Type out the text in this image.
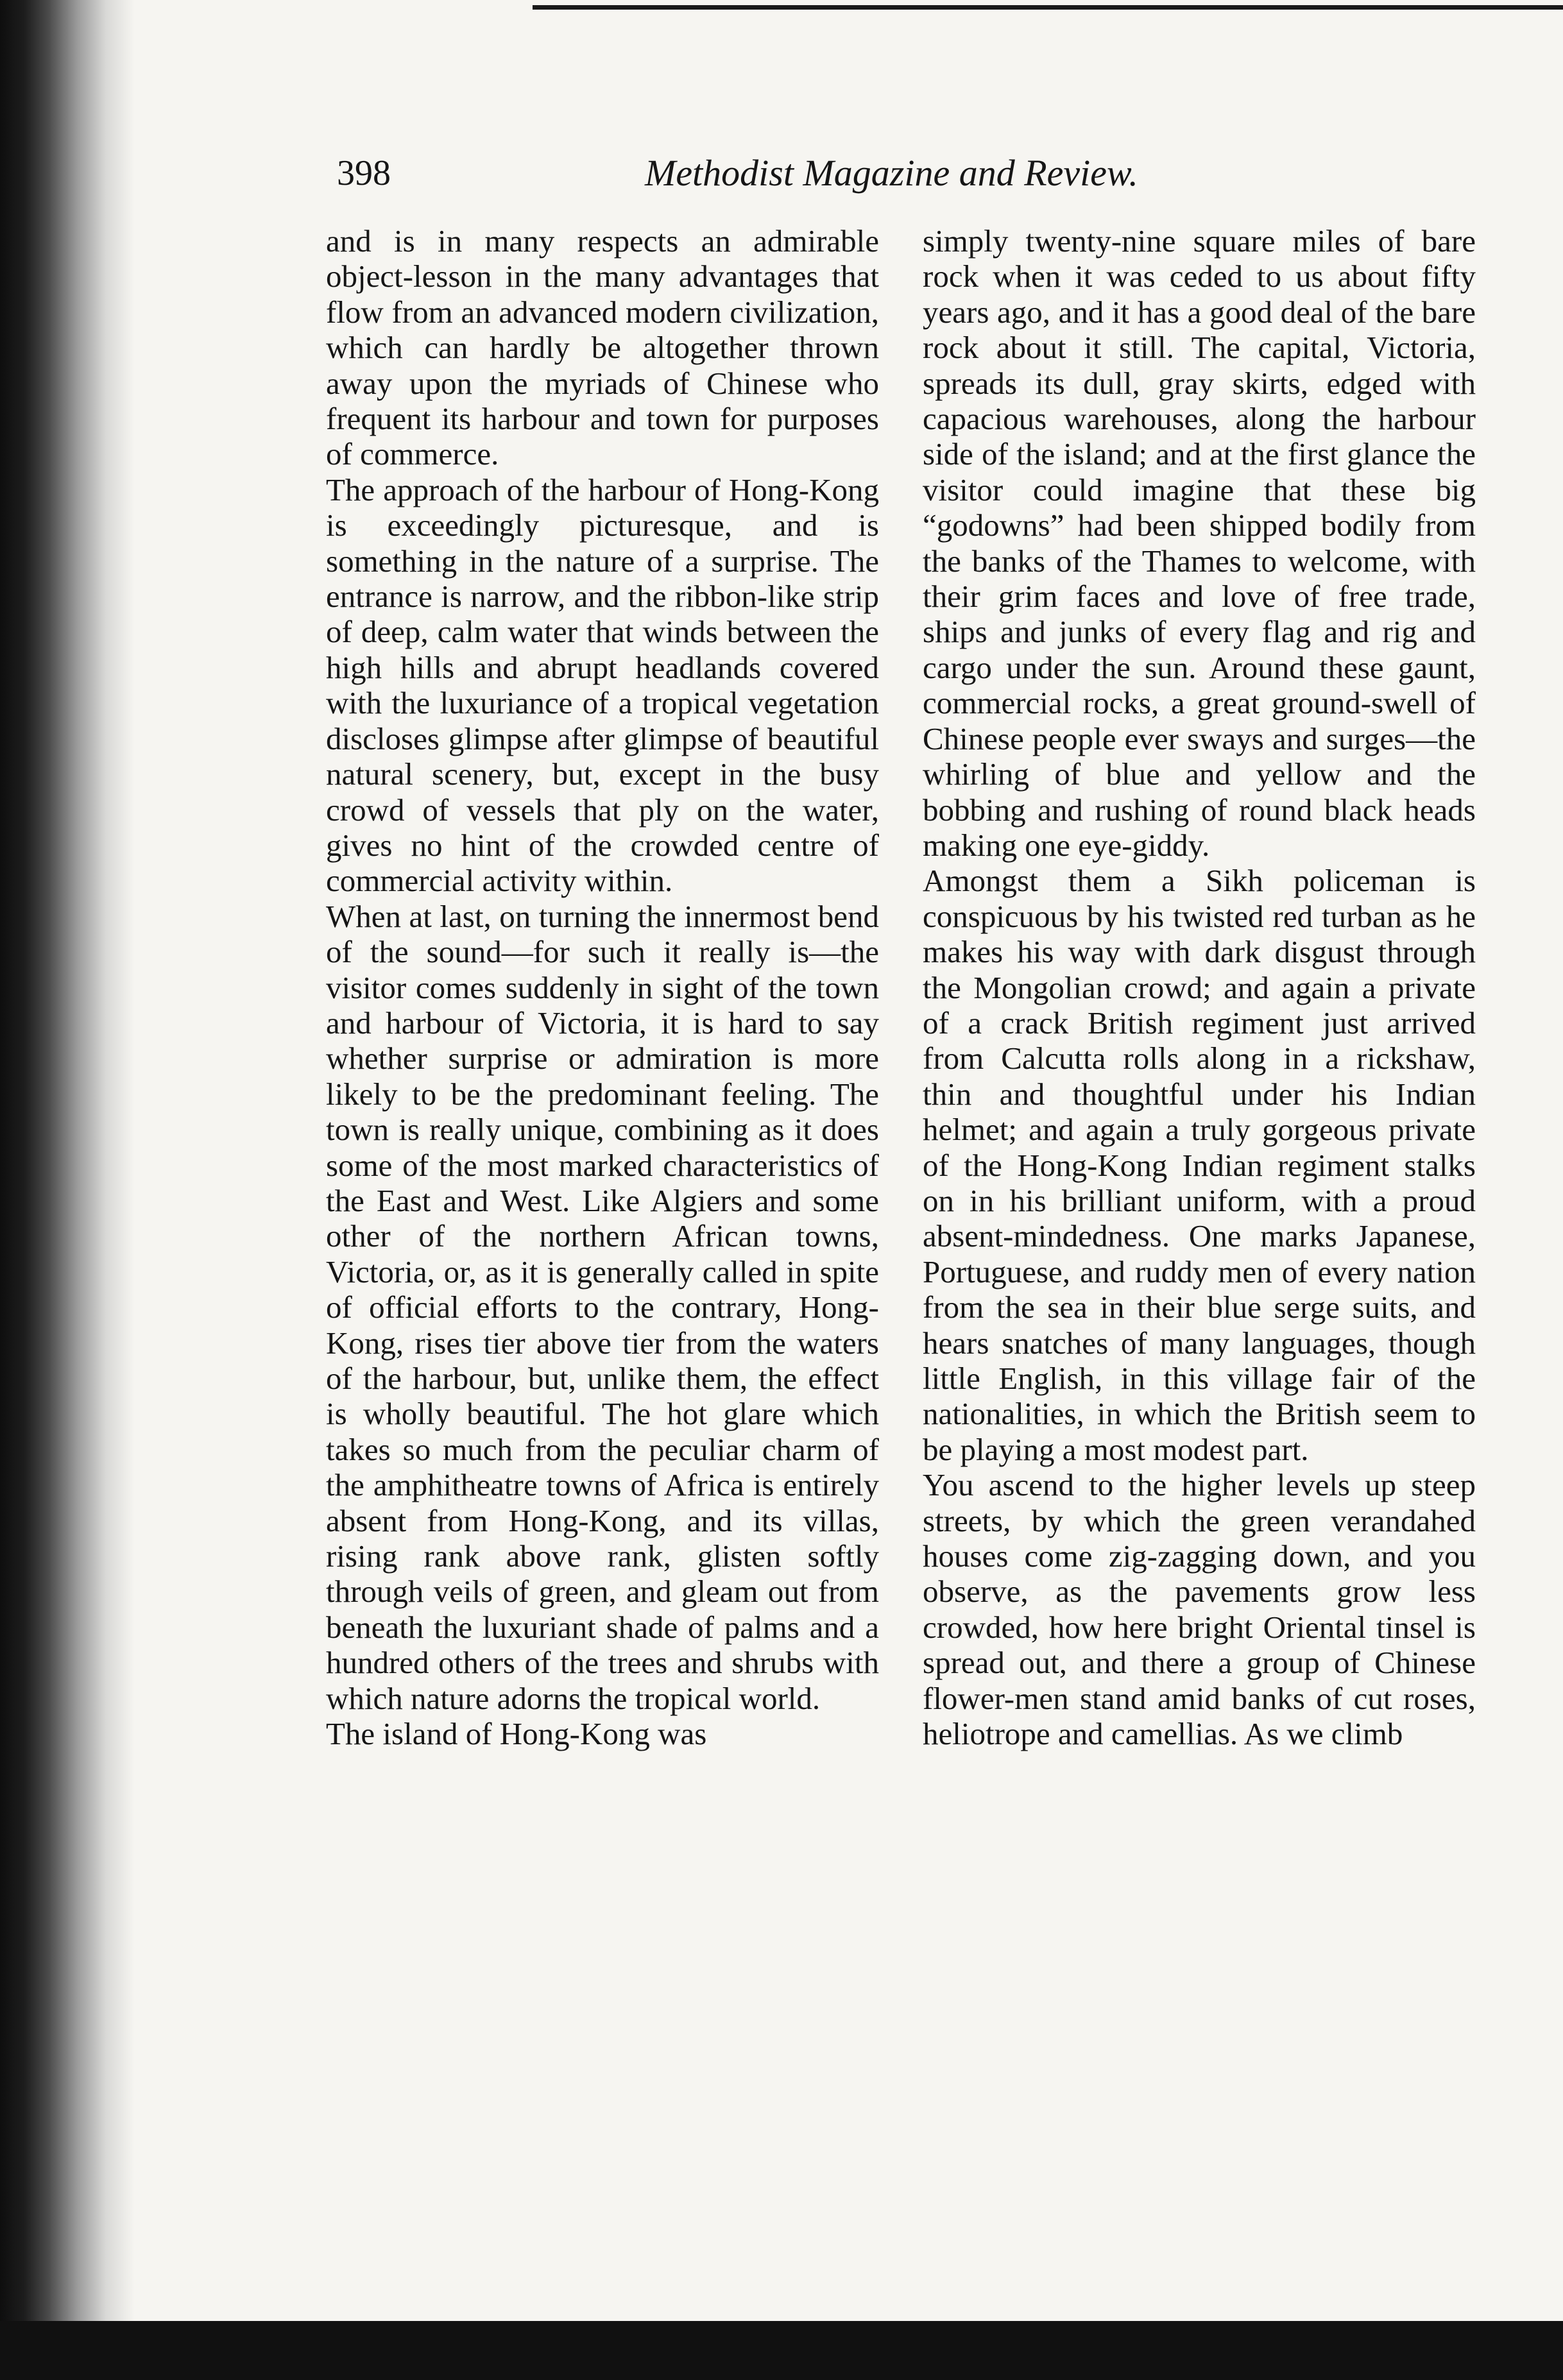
398	Methodist Magazine and Review.

and is in many respects an admirable object-lesson in the many advantages that flow from an advanced modern civilization, which can hardly be altogether thrown away upon the myriads of Chinese who frequent its harbour and town for purposes of commerce.

The approach of the harbour of Hong-Kong is exceedingly picturesque, and is something in the nature of a surprise. The entrance is narrow, and the ribbon-like strip of deep, calm water that winds between the high hills and abrupt headlands covered with the luxuriance of a tropical vegetation discloses glimpse after glimpse of beautiful natural scenery, but, except in the busy crowd of vessels that ply on the water, gives no hint of the crowded centre of commercial activity within.

When at last, on turning the innermost bend of the sound—for such it really is—the visitor comes suddenly in sight of the town and harbour of Victoria, it is hard to say whether surprise or admiration is more likely to be the predominant feeling. The town is really unique, combining as it does some of the most marked characteristics of the East and West. Like Algiers and some other of the northern African towns, Victoria, or, as it is generally called in spite of official efforts to the contrary, Hong-Kong, rises tier above tier from the waters of the harbour, but, unlike them, the effect is wholly beautiful. The hot glare which takes so much from the peculiar charm of the amphitheatre towns of Africa is entirely absent from Hong-Kong, and its villas, rising rank above rank, glisten softly through veils of green, and gleam out from beneath the luxuriant shade of palms and a hundred others of the trees and shrubs with which nature adorns the tropical world.

The island of Hong-Kong was

simply twenty-nine square miles of bare rock when it was ceded to us about fifty years ago, and it has a good deal of the bare rock about it still. The capital, Victoria, spreads its dull, gray skirts, edged with capacious warehouses, along the harbour side of the island; and at the first glance the visitor could imagine that these big “godowns” had been shipped bodily from the banks of the Thames to welcome, with their grim faces and love of free trade, ships and junks of every flag and rig and cargo under the sun. Around these gaunt, commercial rocks, a great ground-swell of Chinese people ever sways and surges—the whirling of blue and yellow and the bobbing and rushing of round black heads making one eye-giddy.

Amongst them a Sikh policeman is conspicuous by his twisted red turban as he makes his way with dark disgust through the Mongolian crowd; and again a private of a crack British regiment just arrived from Calcutta rolls along in a rickshaw, thin and thoughtful under his Indian helmet; and again a truly gorgeous private of the Hong-Kong Indian regiment stalks on in his brilliant uniform, with a proud absent-mindedness. One marks Japanese, Portuguese, and ruddy men of every nation from the sea in their blue serge suits, and hears snatches of many languages, though little English, in this village fair of the nationalities, in which the British seem to be playing a most modest part.

You ascend to the higher levels up steep streets, by which the green verandahed houses come zig-zagging down, and you observe, as the pavements grow less crowded, how here bright Oriental tinsel is spread out, and there a group of Chinese flower-men stand amid banks of cut roses, heliotrope and camellias. As we climb
